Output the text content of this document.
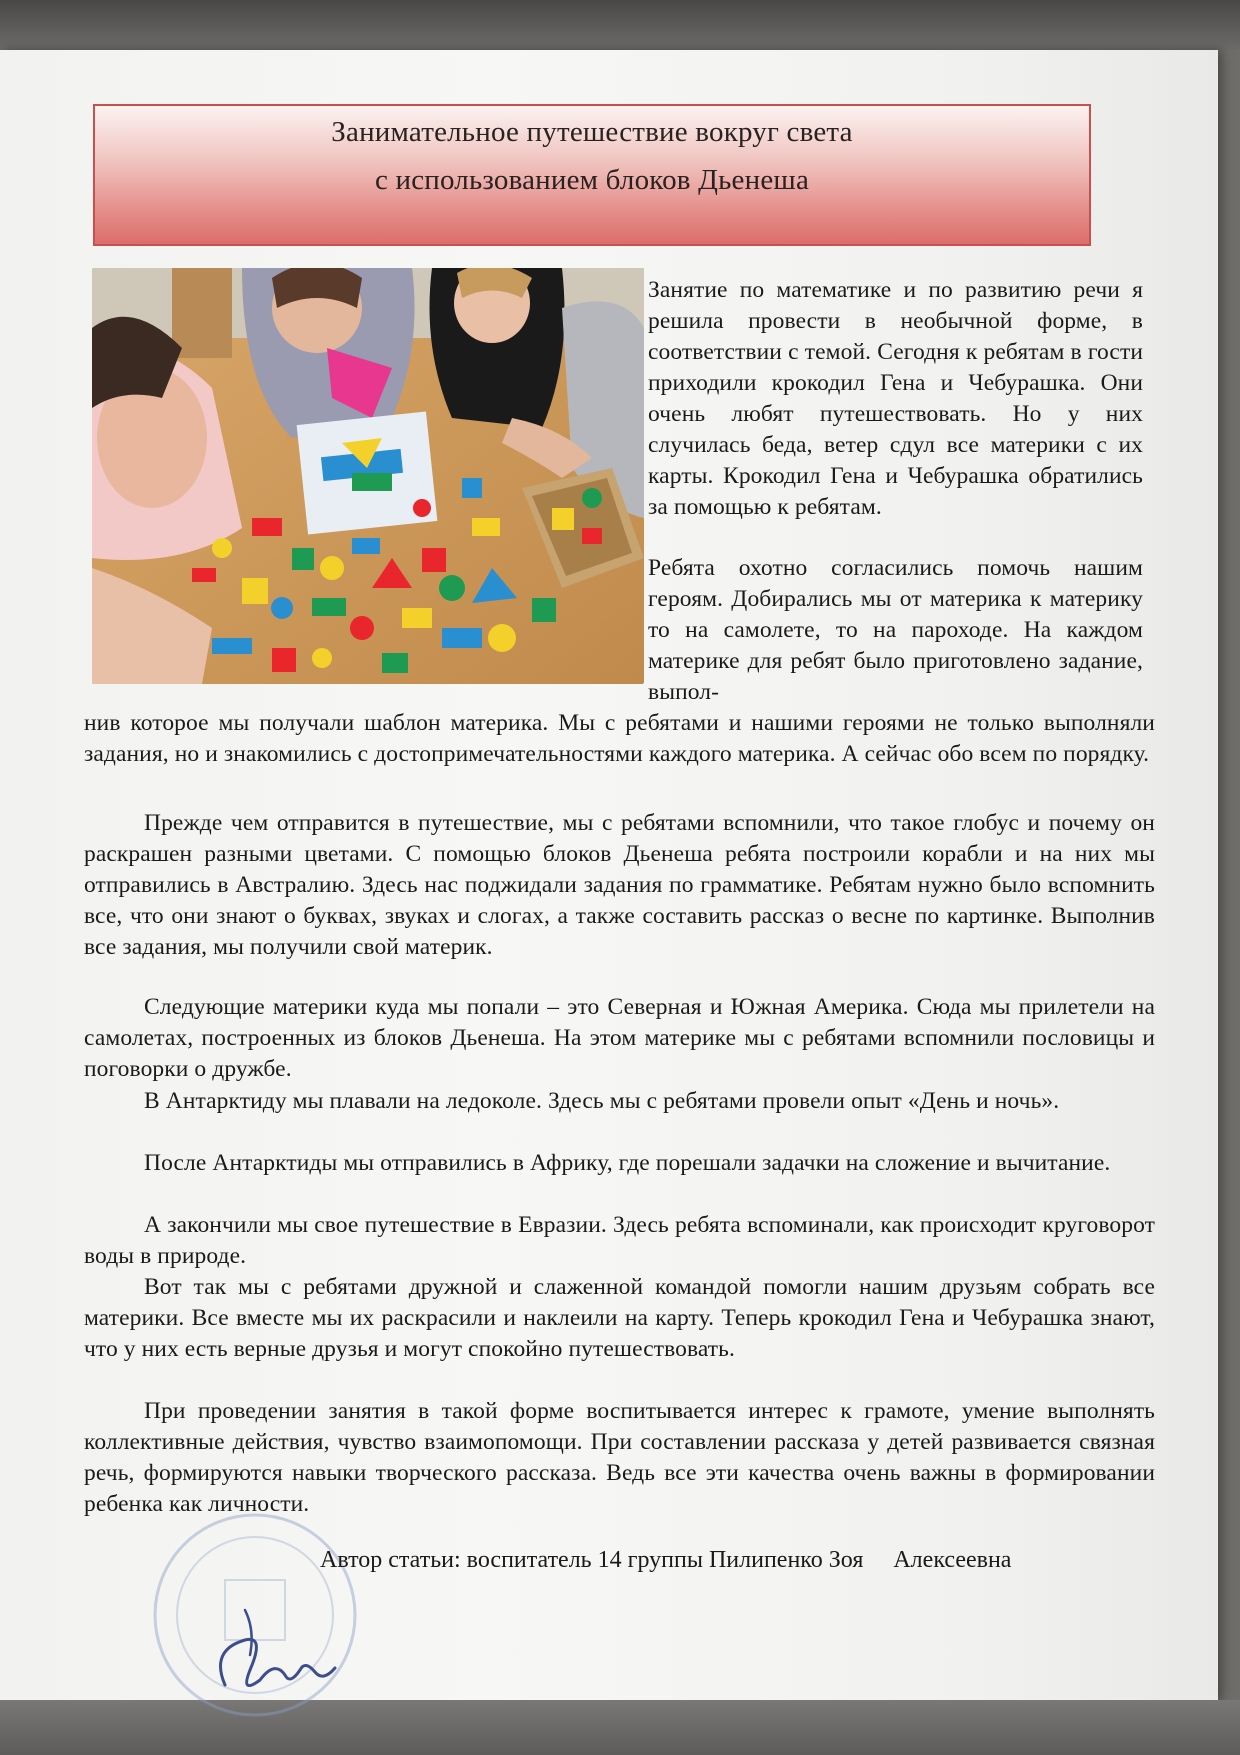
Занимательное путешествие вокруг света
с использованием блоков Дьенеша
Занятие по математике и по развитию речи я решила провести в необычной форме, в соответствии с темой. Сегодня к ребятам в гости приходили крокодил Гена и Чебурашка. Они очень любят путешествовать. Но у них случилась беда, ветер сдул все материки с их карты. Крокодил Гена и Чебурашка обратились за помощью к ребятам.
Ребята охотно согласились помочь нашим героям. Добирались мы от материка к материку то на самолете, то на пароходе. На каждом материке для ребят было приготовлено задание, выпол-
нив которое мы получали шаблон материка. Мы с ребятами и нашими героями не только выполняли задания, но и знакомились с достопримечательностями каждого материка. А сейчас обо всем по порядку.
Прежде чем отправится в путешествие, мы с ребятами вспомнили, что такое глобус и почему он раскрашен разными цветами. С помощью блоков Дьенеша ребята построили корабли и на них мы отправились в Австралию. Здесь нас поджидали задания по грамматике. Ребятам нужно было вспомнить все, что они знают о буквах, звуках и слогах, а также составить рассказ о весне по картинке. Выполнив все задания, мы получили свой материк.
Следующие материки куда мы попали – это Северная и Южная Америка. Сюда мы прилетели на самолетах, построенных из блоков Дьенеша. На этом материке мы с ребятами вспомнили пословицы и поговорки о дружбе.
В Антарктиду мы плавали на ледоколе. Здесь мы с ребятами провели опыт «День и ночь».
После Антарктиды мы отправились в Африку, где порешали задачки на сложение и вычитание.
А закончили мы свое путешествие в Евразии. Здесь ребята вспоминали, как происходит круговорот воды в природе.
Вот так мы с ребятами дружной и слаженной командой помогли нашим друзьям собрать все материки. Все вместе мы их раскрасили и наклеили на карту. Теперь крокодил Гена и Чебурашка знают, что у них есть верные друзья и могут спокойно путешествовать.
При проведении занятия в такой форме воспитывается интерес к грамоте, умение выполнять коллективные действия, чувство взаимопомощи. При составлении рассказа у детей развивается связная речь, формируются навыки творческого рассказа. Ведь все эти качества очень важны в формировании ребенка как личности.
Автор статьи: воспитатель 14 группы Пилипенко Зоя     Алексеевна
